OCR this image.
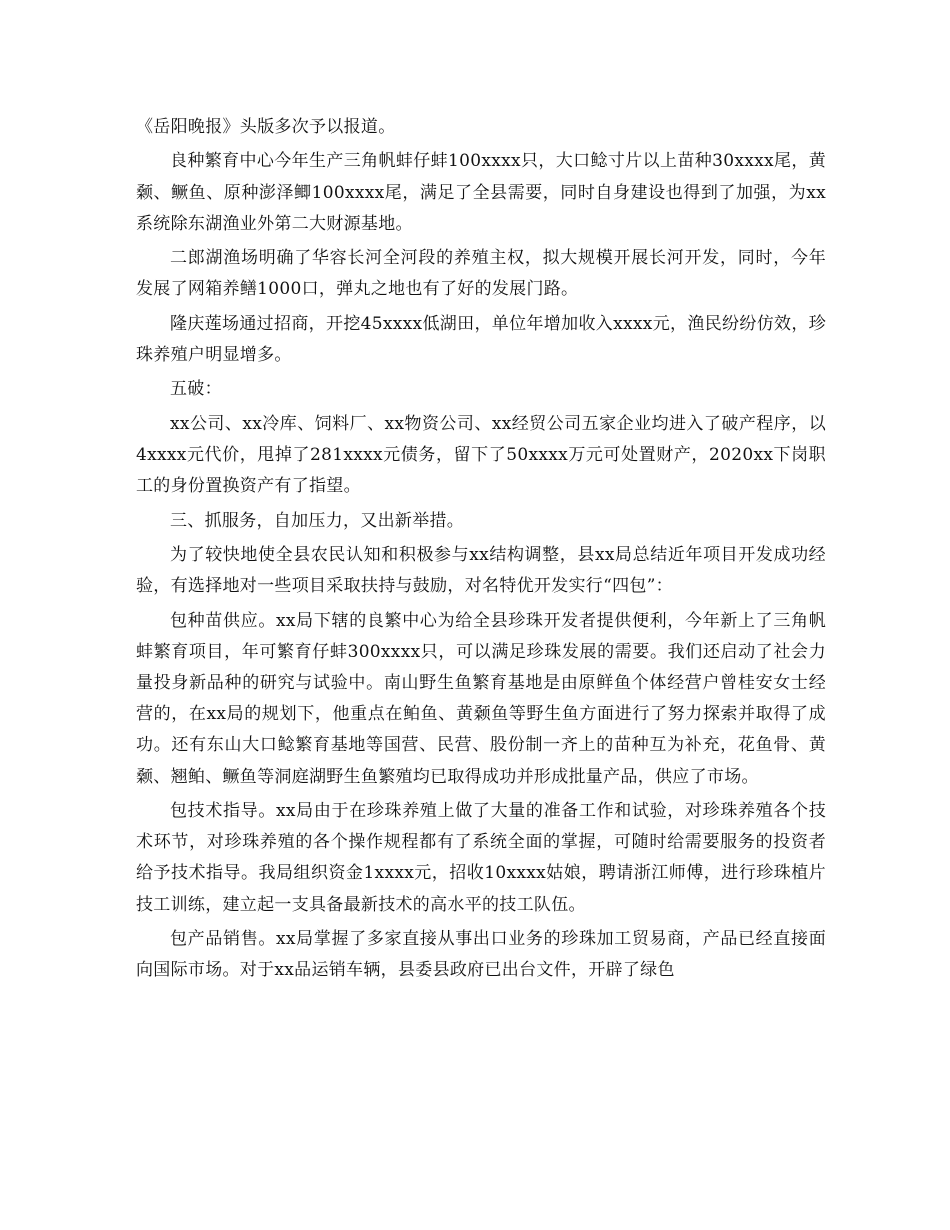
《岳阳晚报》头版多次予以报道。

良种繁育中心今年生产三角帆蚌仔蚌100xxxx只，大口鲶寸片以上苗种30xxxx尾，黄颡、鳜鱼、原种澎泽鲫100xxxx尾，满足了全县需要，同时自身建设也得到了加强，为xx系统除东湖渔业外第二大财源基地。

二郎湖渔场明确了华容长河全河段的养殖主权，拟大规模开展长河开发，同时，今年发展了网箱养鳝1000口，弹丸之地也有了好的发展门路。

隆庆莲场通过招商，开挖45xxxx低湖田，单位年增加收入xxxx元，渔民纷纷仿效，珍珠养殖户明显增多。

五破：

xx公司、xx冷库、饲料厂、xx物资公司、xx经贸公司五家企业均进入了破产程序，以4xxxx元代价，甩掉了281xxxx元债务，留下了50xxxx万元可处置财产，2020xx下岗职工的身份置换资产有了指望。

三、抓服务，自加压力，又出新举措。

为了较快地使全县农民认知和积极参与xx结构调整，县xx局总结近年项目开发成功经验，有选择地对一些项目采取扶持与鼓励，对名特优开发实行“四包”：

包种苗供应。xx局下辖的良繁中心为给全县珍珠开发者提供便利，今年新上了三角帆蚌繁育项目，年可繁育仔蚌300xxxx只，可以满足珍珠发展的需要。我们还启动了社会力量投身新品种的研究与试验中。南山野生鱼繁育基地是由原鲜鱼个体经营户曾桂安女士经营的，在xx局的规划下，他重点在鲌鱼、黄颡鱼等野生鱼方面进行了努力探索并取得了成功。还有东山大口鲶繁育基地等国营、民营、股份制一齐上的苗种互为补充，花鱼骨、黄颡、翘鲌、鳜鱼等洞庭湖野生鱼繁殖均已取得成功并形成批量产品，供应了市场。

包技术指导。xx局由于在珍珠养殖上做了大量的准备工作和试验，对珍珠养殖各个技术环节，对珍珠养殖的各个操作规程都有了系统全面的掌握，可随时给需要服务的投资者给予技术指导。我局组织资金1xxxx元，招收10xxxx姑娘，聘请浙江师傅，进行珍珠植片技工训练，建立起一支具备最新技术的高水平的技工队伍。

包产品销售。xx局掌握了多家直接从事出口业务的珍珠加工贸易商，产品已经直接面向国际市场。对于xx品运销车辆，县委县政府已出台文件，开辟了绿色
